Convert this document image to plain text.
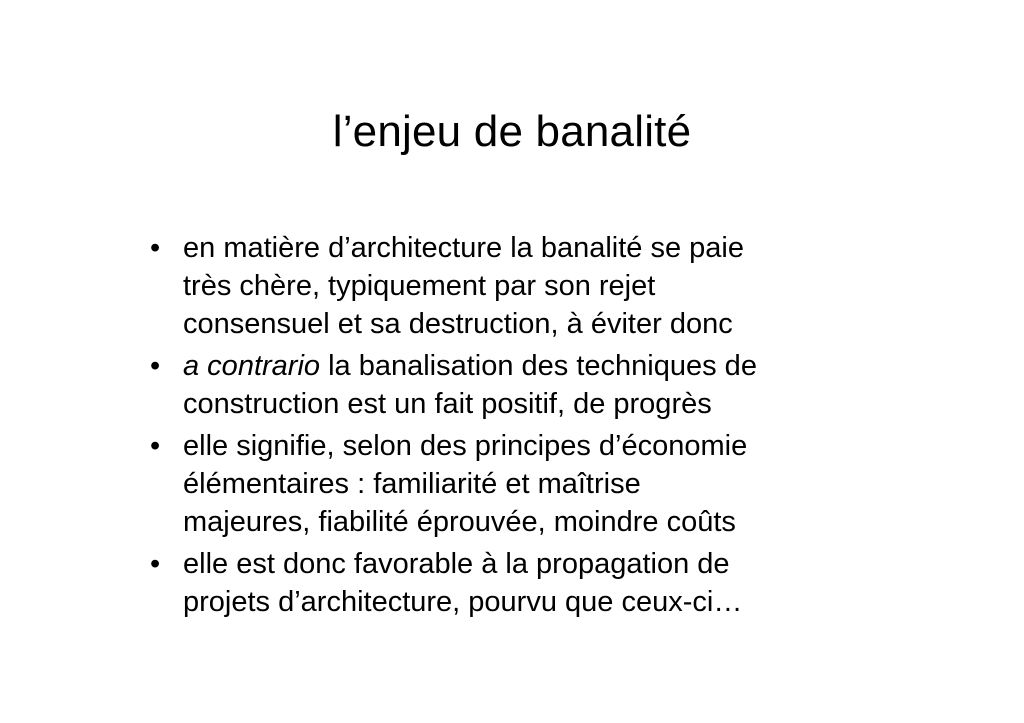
l’enjeu de banalité
• en matière d’architecture la banalité se paie
très chère, typiquement par son rejet
consensuel et sa destruction, à éviter donc
• a contrario la banalisation des techniques de
construction est un fait positif, de progrès
• elle signifie, selon des principes d’économie
élémentaires : familiarité et maîtrise
majeures, fiabilité éprouvée, moindre coûts
• elle est donc favorable à la propagation de
projets d’architecture, pourvu que ceux-ci…
